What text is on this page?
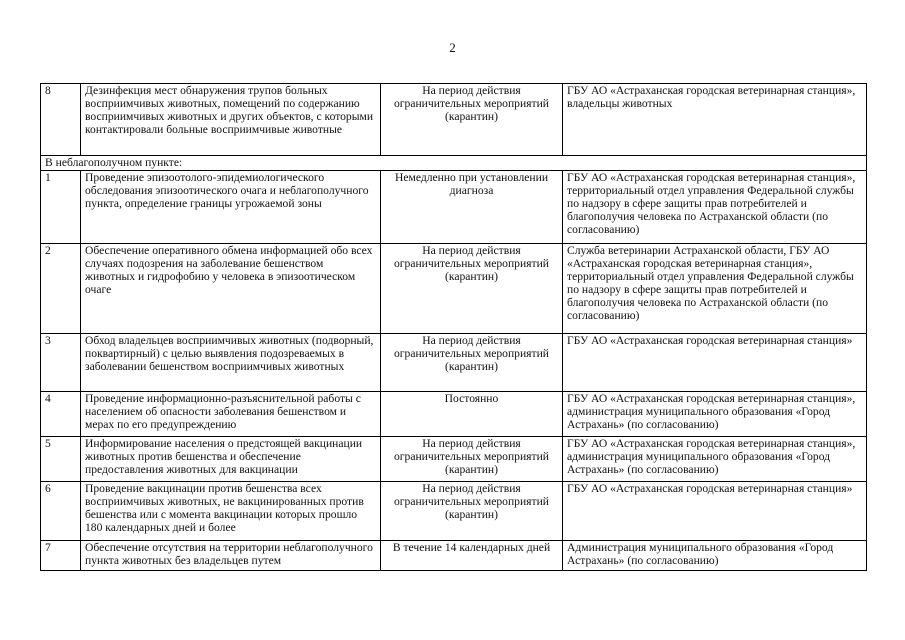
2
8	Дезинфекция мест обнаружения трупов больных восприимчивых животных, помещений по содержанию восприимчивых животных и других объектов, с которыми контактировали больные восприимчивые животные	На период действия ограничительных мероприятий (карантин)	ГБУ АО «Астраханская городская ветеринарная станция», владельцы животных
В неблагополучном пункте:			
1	Проведение эпизоотолого-эпидемиологического обследования эпизоотического очага и неблагополучного пункта, определение границы угрожаемой зоны	Немедленно при установлении диагноза	ГБУ АО «Астраханская городская ветеринарная станция», территориальный отдел управления Федеральной службы по надзору в сфере защиты прав потребителей и благополучия человека по Астраханской области (по согласованию)
2	Обеспечение оперативного обмена информацией обо всех случаях подозрения на заболевание бешенством животных и гидрофобию у человека в эпизоотическом очаге	На период действия ограничительных мероприятий (карантин)	Служба ветеринарии Астраханской области, ГБУ АО «Астраханская городская ветеринарная станция», территориальный отдел управления Федеральной службы по надзору в сфере защиты прав потребителей и благополучия человека по Астраханской области (по согласованию)
3	Обход владельцев восприимчивых животных (подворный, поквартирный) с целью выявления подозреваемых в заболевании бешенством восприимчивых животных	На период действия ограничительных мероприятий (карантин)	ГБУ АО «Астраханская городская ветеринарная станция»
4	Проведение информационно-разъяснительной работы с населением об опасности заболевания бешенством и мерах по его предупреждению	Постоянно	ГБУ АО «Астраханская городская ветеринарная станция», администрация муниципального образования «Город Астрахань» (по согласованию)
5	Информирование населения о предстоящей вакцинации животных против бешенства и обеспечение предоставления животных для вакцинации	На период действия ограничительных мероприятий (карантин)	ГБУ АО «Астраханская городская ветеринарная станция», администрация муниципального образования «Город Астрахань» (по согласованию)
6	Проведение вакцинации против бешенства всех восприимчивых животных, не вакцинированных против бешенства или с момента вакцинации которых прошло 180 календарных дней и более	На период действия ограничительных мероприятий (карантин)	ГБУ АО «Астраханская городская ветеринарная станция»
7	Обеспечение отсутствия на территории неблагополучного пункта животных без владельцев путем	В течение 14 календарных дней	Администрация муниципального образования «Город Астрахань» (по согласованию)
